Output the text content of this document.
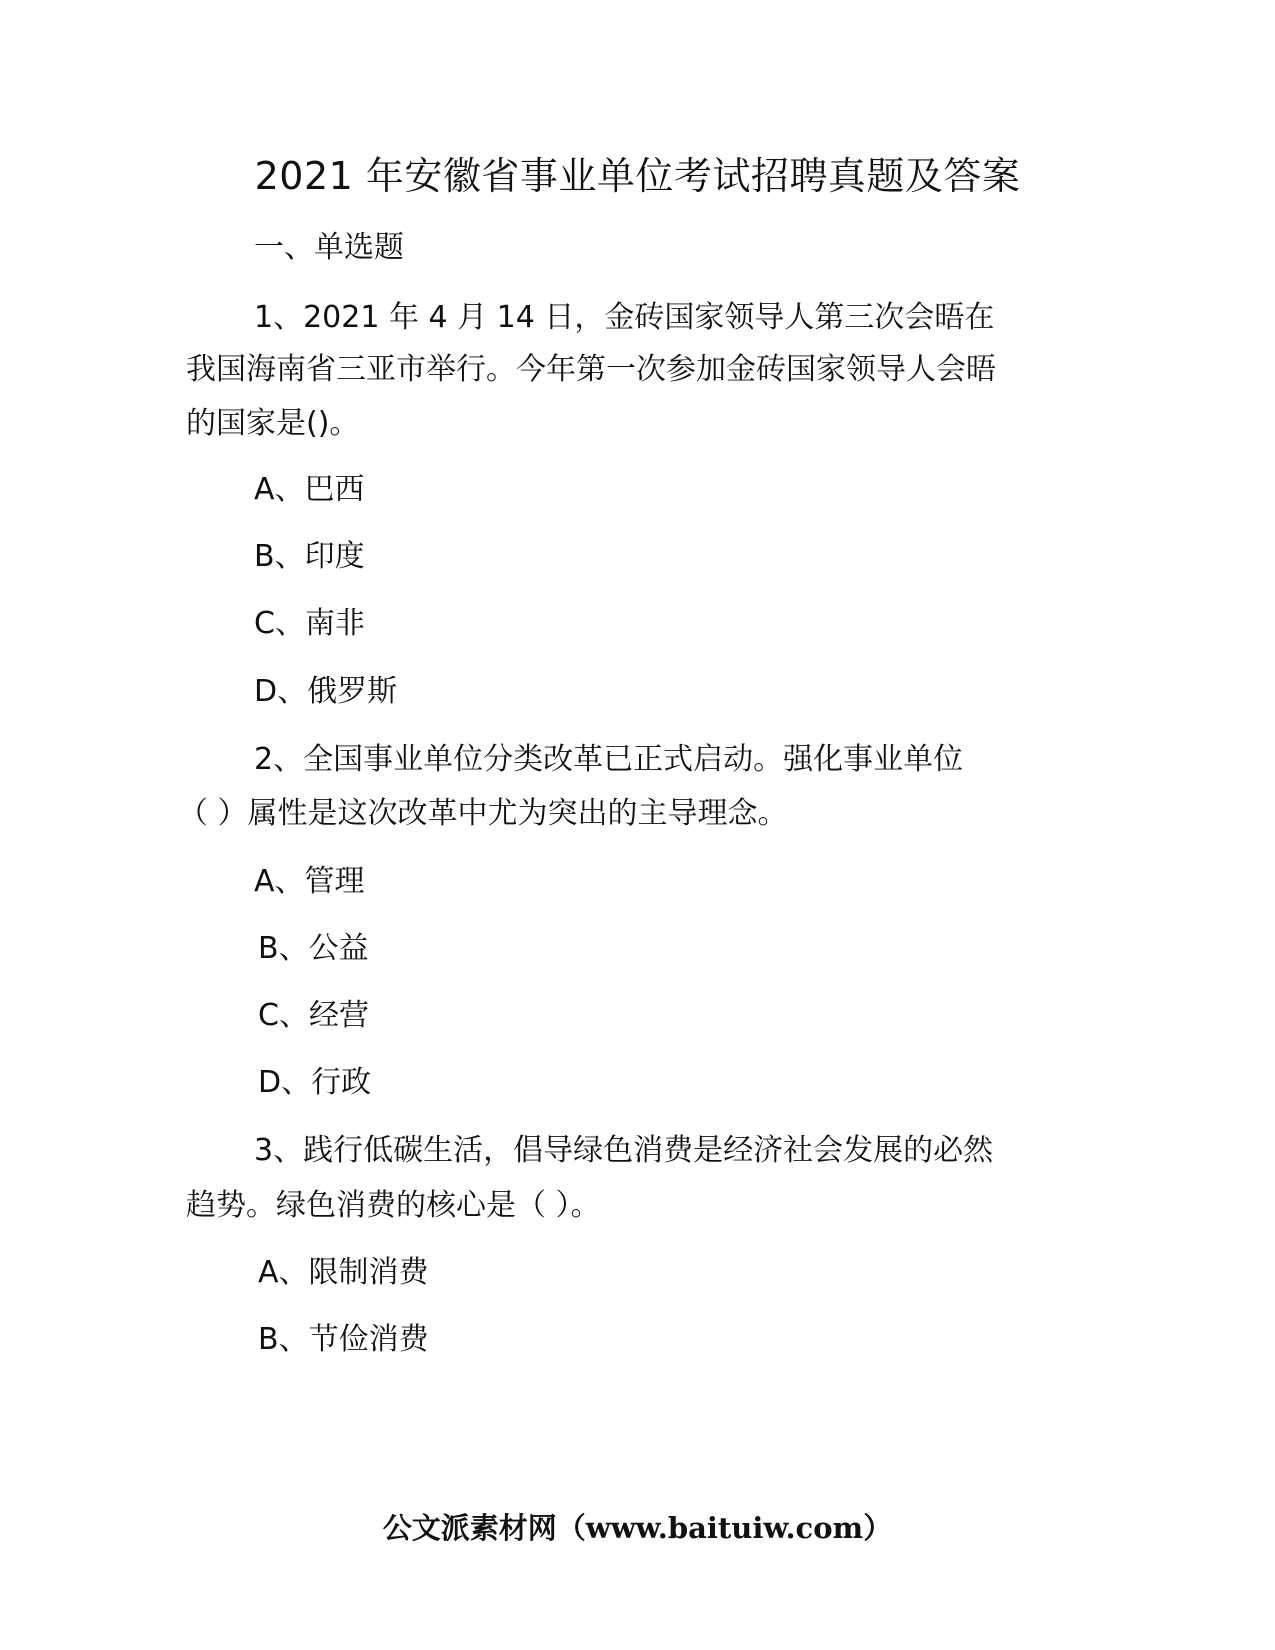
2021 年安徽省事业单位考试招聘真题及答案
一、单选题
1、2021 年 4 月 14 日，金砖国家领导人第三次会晤在
我国海南省三亚市举行。今年第一次参加金砖国家领导人会晤
的国家是()。
A、巴西
B、印度
C、南非
D、俄罗斯
2、全国事业单位分类改革已正式启动。强化事业单位
（ ）属性是这次改革中尤为突出的主导理念。
A、管理
B、公益
C、经营
D、行政
3、践行低碳生活，倡导绿色消费是经济社会发展的必然
趋势。绿色消费的核心是（ ）。
A、限制消费
B、节俭消费
公文派素材网（www.baituiw.com）
